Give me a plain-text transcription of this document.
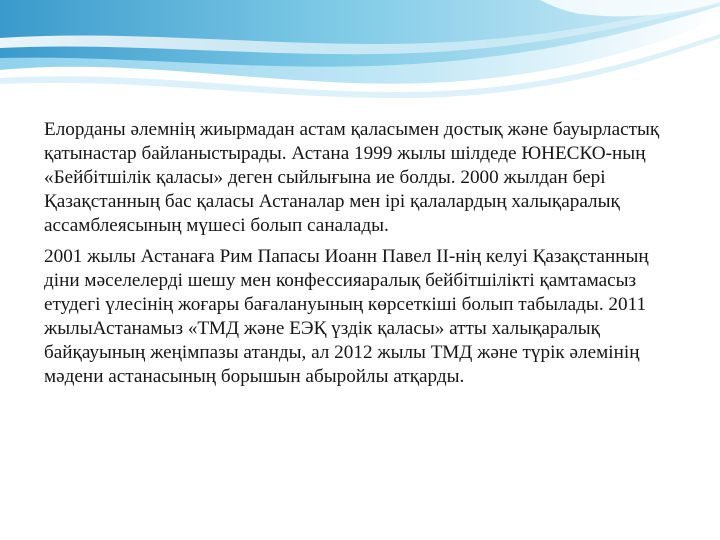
Елорданы әлемнің жиырмадан астам қаласымен достық және бауырластық қатынастар байланыстырады. Астана 1999 жылы шілдеде ЮНЕСКО-ның «Бейбітшілік қаласы» деген сыйлығына ие болды. 2000 жылдан бері Қазақстанның бас қаласы Астаналар мен ірі қалалардың халықаралық ассамблеясының мүшесі болып саналады.

2001 жылы Астанаға Рим Папасы Иоанн Павел ІІ-нің келуі Қазақстанның діни мәселелерді шешу мен конфессияаралық бейбітшілікті қамтамасыз етудегі үлесінің жоғары бағалануының көрсеткіші болып табылады. 2011 жылыАстанамыз «ТМД және ЕЭҚ үздік қаласы» атты халықаралық байқауының жеңімпазы атанды, ал 2012 жылы ТМД және түрік әлемінің мәдени астанасының борышын абыройлы атқарды.
